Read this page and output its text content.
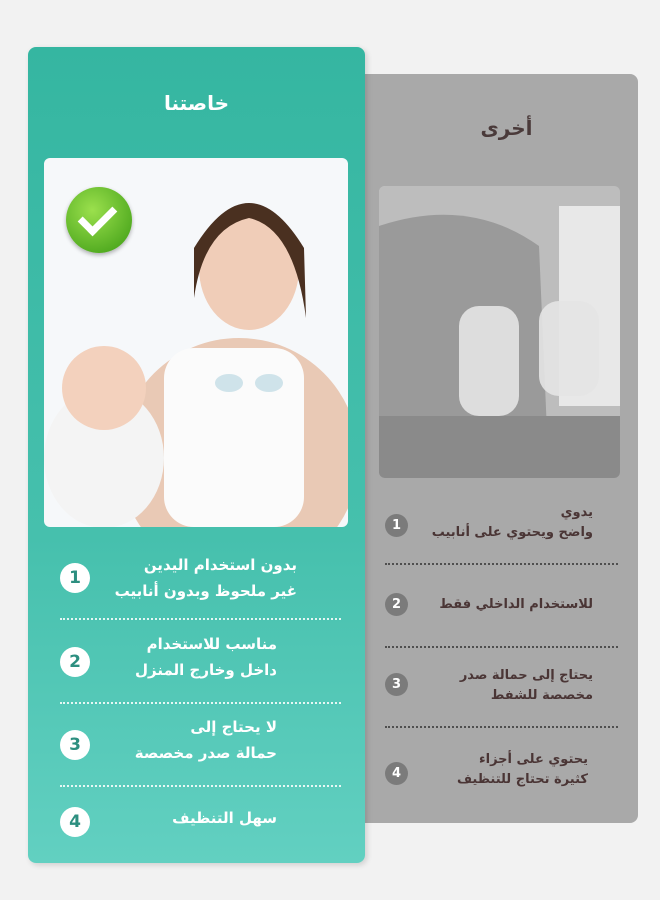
خاصتنا
1
بدون استخدام اليدين
غير ملحوظ وبدون أنابيب
2
مناسب للاستخدام
داخل وخارج المنزل
3
لا يحتاج إلى
حمالة صدر مخصصة
4	سهل التنظيف
أخرى
1
يدوي
واضح ويحتوي على أنابيب
2	للاستخدام الداخلي فقط
3
يحتاج إلى حمالة صدر
مخصصة للشفط
4
يحتوي على أجزاء
كثيرة تحتاج للتنظيف
